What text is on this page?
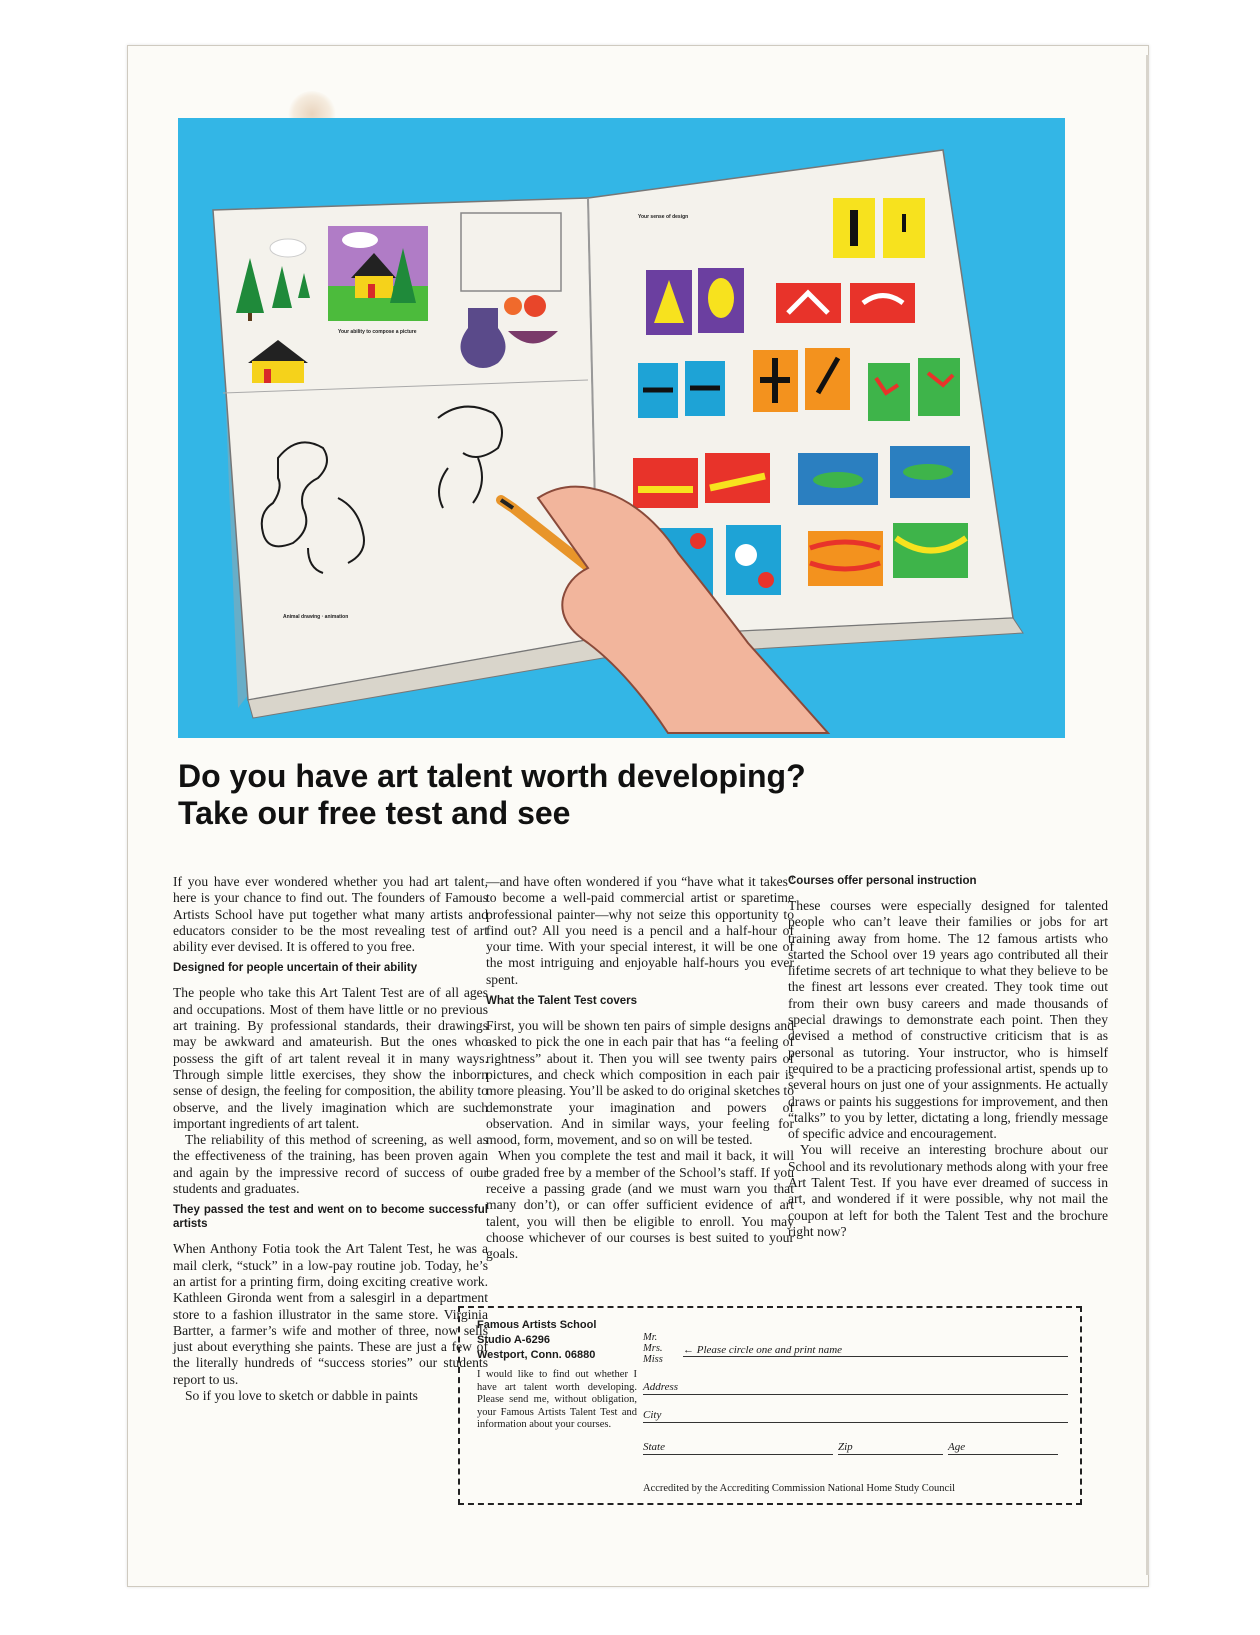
Your ability to compose a picture
Animal drawing · animation
Your sense of design
Do you have art talent worth developing?
Take our free test and see

If you have ever wondered whether you had art talent, here is your chance to find out. The founders of Famous Artists School have put together what many artists and educators consider to be the most revealing test of art ability ever devised. It is offered to you free.

Designed for people uncertain of their ability

The people who take this Art Talent Test are of all ages and occupations. Most of them have little or no previous art training. By professional standards, their drawings may be awkward and amateurish. But the ones who possess the gift of art talent reveal it in many ways. Through simple little exercises, they show the inborn sense of design, the feeling for composition, the ability to observe, and the lively imagination which are such important ingredients of art talent.

The reliability of this method of screening, as well as the effectiveness of the training, has been proven again and again by the impressive record of success of our students and graduates.

They passed the test and went on to become successful artists

When Anthony Fotia took the Art Talent Test, he was a mail clerk, “stuck” in a low-pay routine job. Today, he’s an artist for a printing firm, doing exciting creative work. Kathleen Gironda went from a salesgirl in a department store to a fashion illustrator in the same store. Virginia Bartter, a farmer’s wife and mother of three, now sells just about everything she paints. These are just a few of the literally hundreds of “success stories” our students report to us.

So if you love to sketch or dabble in paints

—and have often wondered if you “have what it takes” to become a well-paid commercial artist or sparetime professional painter—why not seize this opportunity to find out? All you need is a pencil and a half-hour of your time. With your special interest, it will be one of the most intriguing and enjoyable half-hours you ever spent.

What the Talent Test covers

First, you will be shown ten pairs of simple designs and asked to pick the one in each pair that has “a feeling of rightness” about it. Then you will see twenty pairs of pictures, and check which composition in each pair is more pleasing. You’ll be asked to do original sketches to demonstrate your imagination and powers of observation. And in similar ways, your feeling for mood, form, movement, and so on will be tested.

When you complete the test and mail it back, it will be graded free by a member of the School’s staff. If you receive a passing grade (and we must warn you that many don’t), or can offer sufficient evidence of art talent, you will then be eligible to enroll. You may choose whichever of our courses is best suited to your goals.

Courses offer personal instruction

These courses were especially designed for talented people who can’t leave their families or jobs for art training away from home. The 12 famous artists who started the School over 19 years ago contributed all their lifetime secrets of art technique to what they believe to be the finest art lessons ever created. They took time out from their own busy careers and made thousands of special drawings to demonstrate each point. Then they devised a method of constructive criticism that is as personal as tutoring. Your instructor, who is himself required to be a practicing professional artist, spends up to several hours on just one of your assignments. He actually draws or paints his suggestions for improvement, and then “talks” to you by letter, dictating a long, friendly message of specific advice and encouragement.

You will receive an interesting brochure about our School and its revolutionary methods along with your free Art Talent Test. If you have ever dreamed of success in art, and wondered if it were possible, why not mail the coupon at left for both the Talent Test and the brochure right now?

Famous Artists School

Studio A-6296

Westport, Conn. 06880

I would like to find out whether I have art talent worth developing. Please send me, without obligation, your Famous Artists Talent Test and information about your courses.
Mr.
Mrs.
Miss
← Please circle one and print name
Address
City
State	Zip	Age
Accredited by the Accrediting Commission National Home Study Council
